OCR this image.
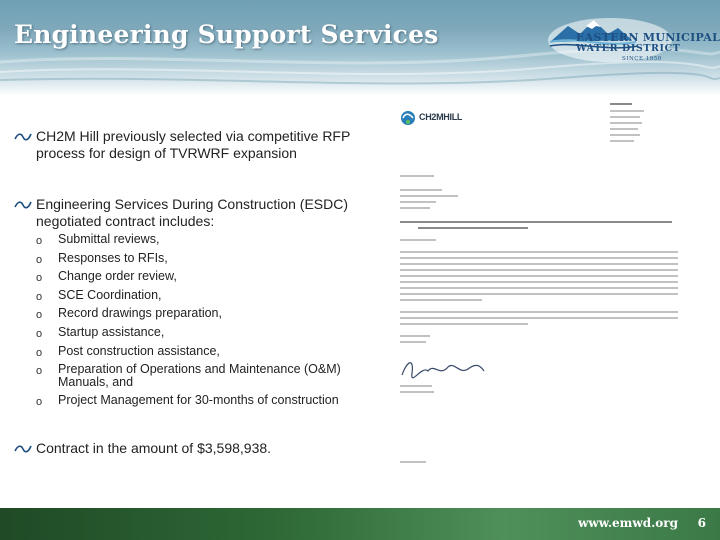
Engineering Support Services	EASTERN MUNICIPAL
WATER DISTRICT
SINCE 1950
CH2M Hill previously selected via competitive RFP process for design of TVRWRF expansion
Engineering Services During Construction (ESDC) negotiated contract includes:
o Submittal reviews,
o Responses to RFIs,
o Change order review,
o SCE Coordination,
o Record drawings preparation,
o Startup assistance,
o Post construction assistance,
o Preparation of Operations and Maintenance (O&M) Manuals, and
o Project Management for 30-months of construction
Contract in the amount of $3,598,938.
CH2MHILL
www.emwd.org 6
